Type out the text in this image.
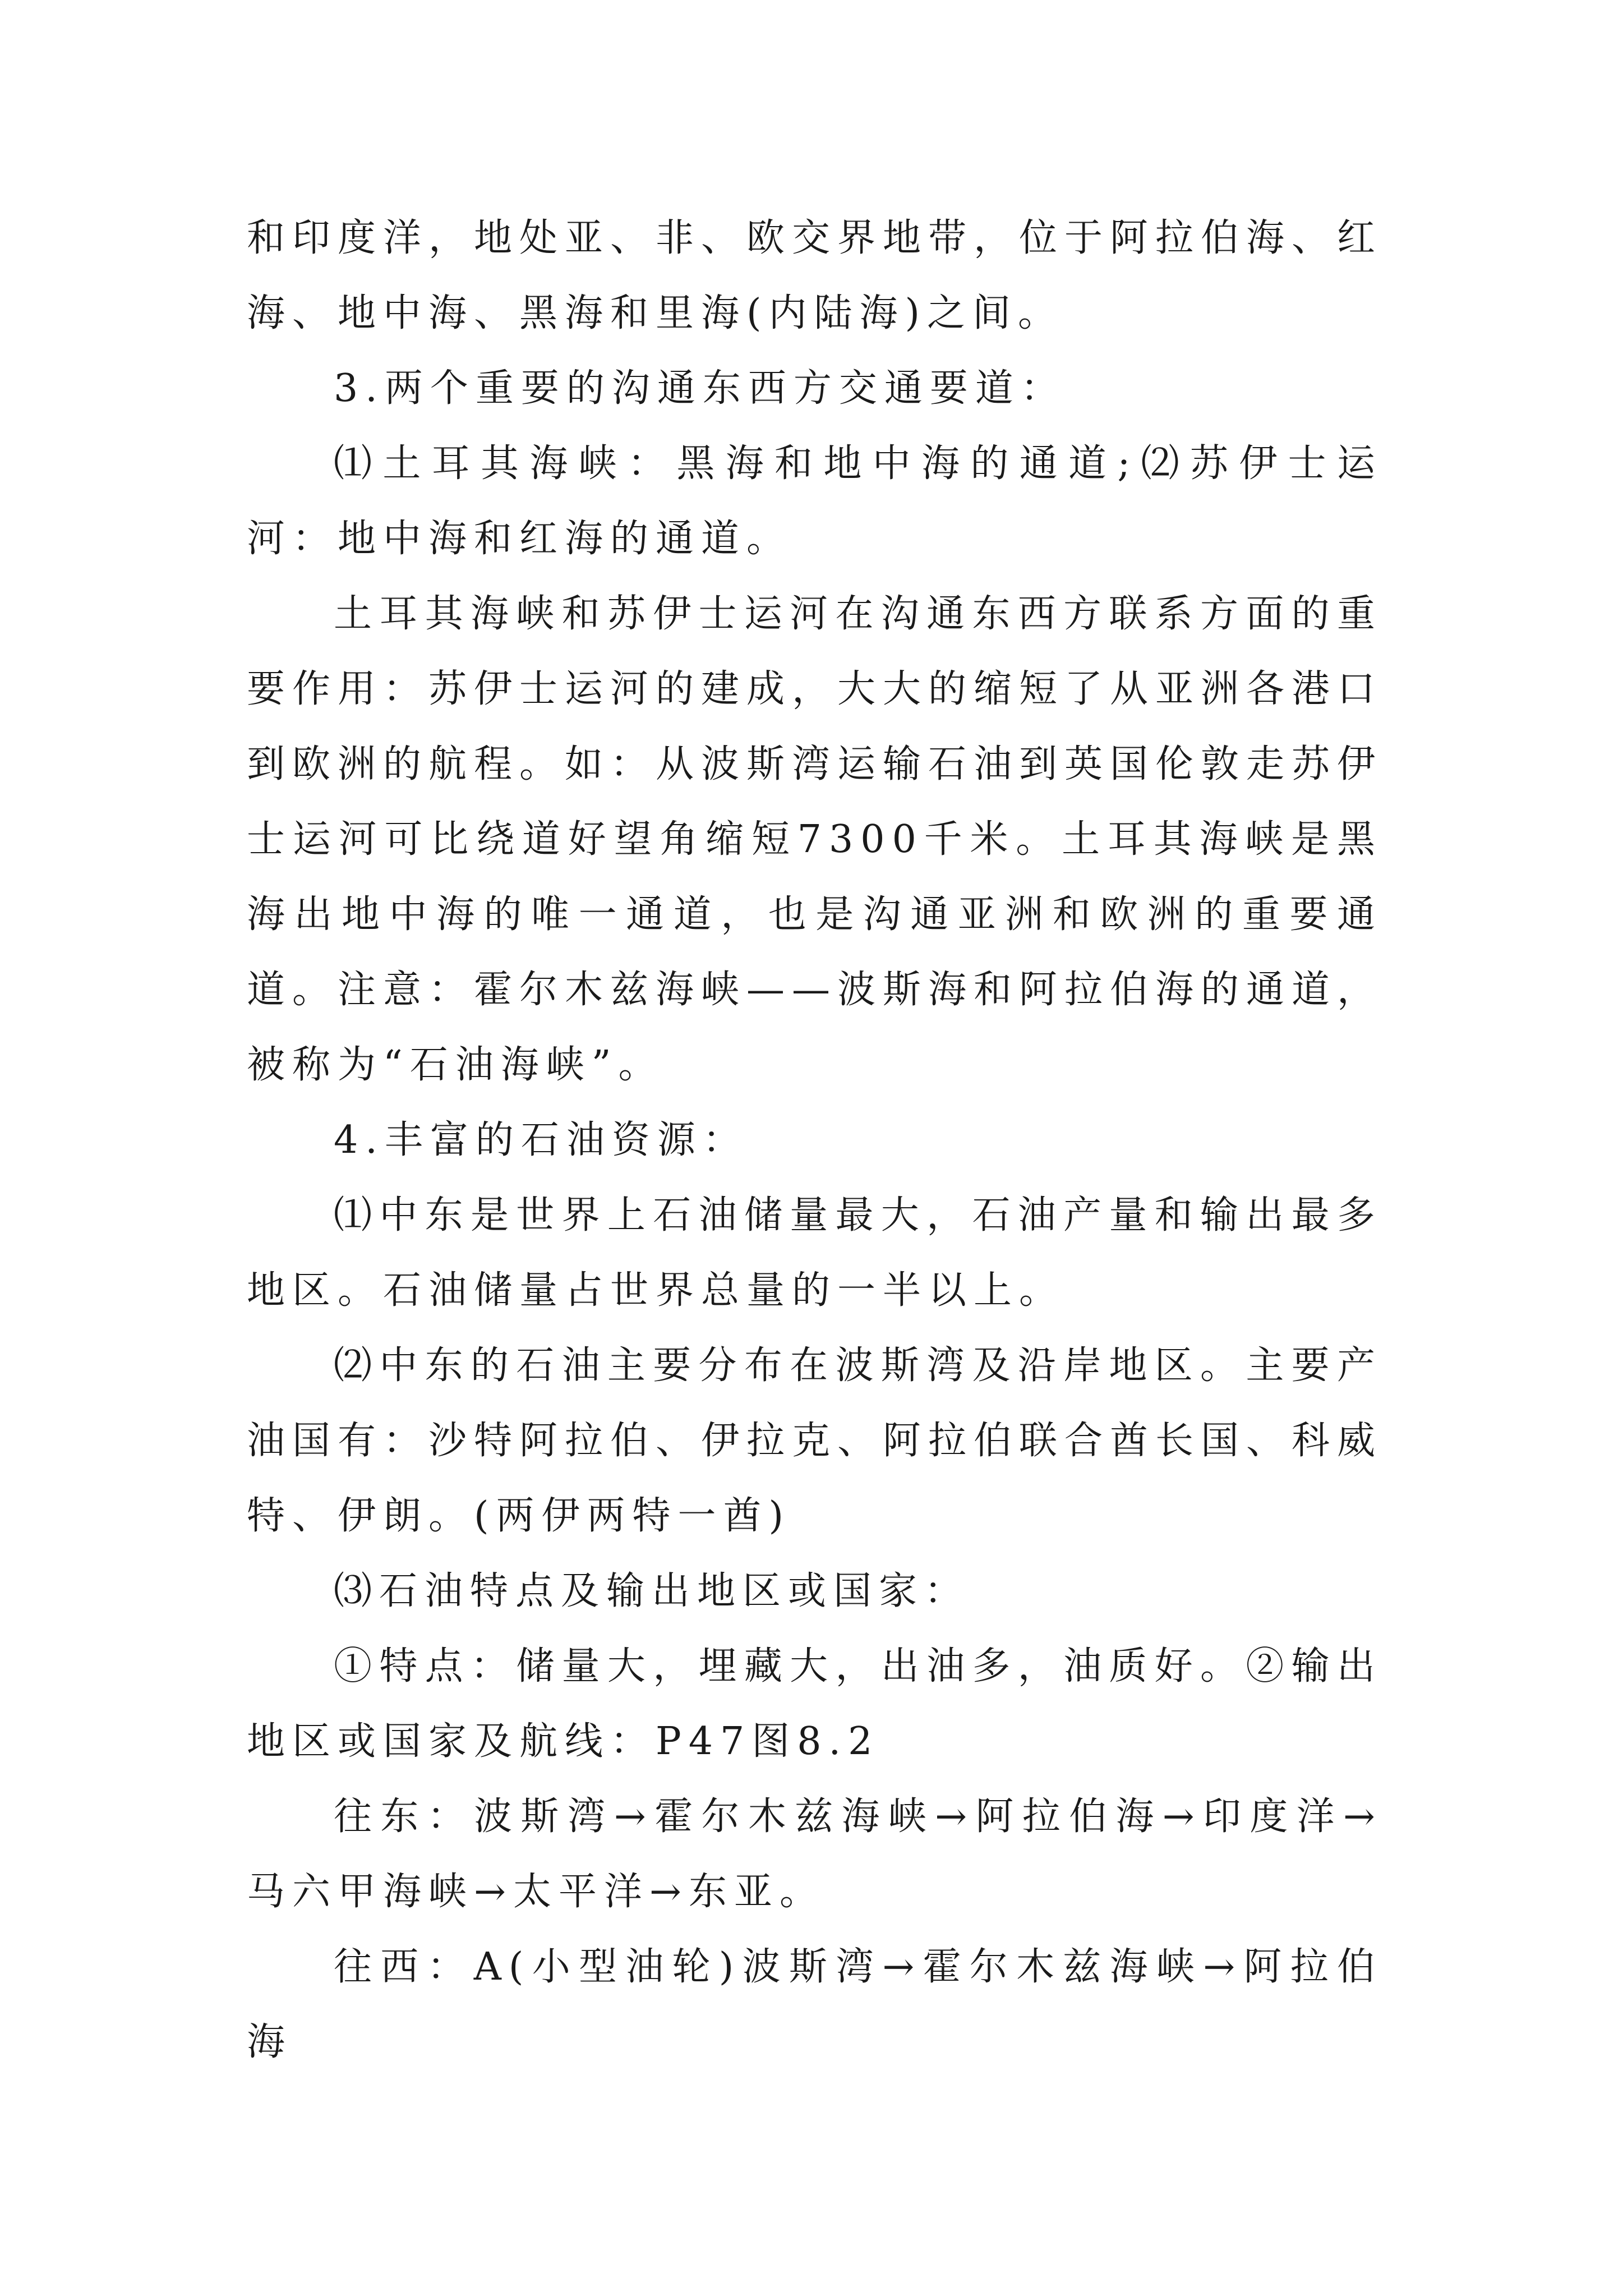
和印度洋，地处亚、非、欧交界地带，位于阿拉伯海、红海、地中海、黑海和里海(内陆海)之间。

3.两个重要的沟通东西方交通要道：

⑴土耳其海峡：黑海和地中海的通道;⑵苏伊士运河：地中海和红海的通道。

土耳其海峡和苏伊士运河在沟通东西方联系方面的重要作用：苏伊士运河的建成，大大的缩短了从亚洲各港口到欧洲的航程。如：从波斯湾运输石油到英国伦敦走苏伊士运河可比绕道好望角缩短7300千米。土耳其海峡是黑海出地中海的唯一通道，也是沟通亚洲和欧洲的重要通道。注意：霍尔木兹海峡——波斯海和阿拉伯海的通道，被称为“石油海峡”。

4.丰富的石油资源：

⑴中东是世界上石油储量最大，石油产量和输出最多地区。石油储量占世界总量的一半以上。

⑵中东的石油主要分布在波斯湾及沿岸地区。主要产油国有：沙特阿拉伯、伊拉克、阿拉伯联合酋长国、科威特、伊朗。(两伊两特一酋)

⑶石油特点及输出地区或国家：

①特点：储量大，埋藏大，出油多，油质好。②输出地区或国家及航线：P47图8.2

往东：波斯湾→霍尔木兹海峡→阿拉伯海→印度洋→马六甲海峡→太平洋→东亚。

往西：A(小型油轮)波斯湾→霍尔木兹海峡→阿拉伯海
